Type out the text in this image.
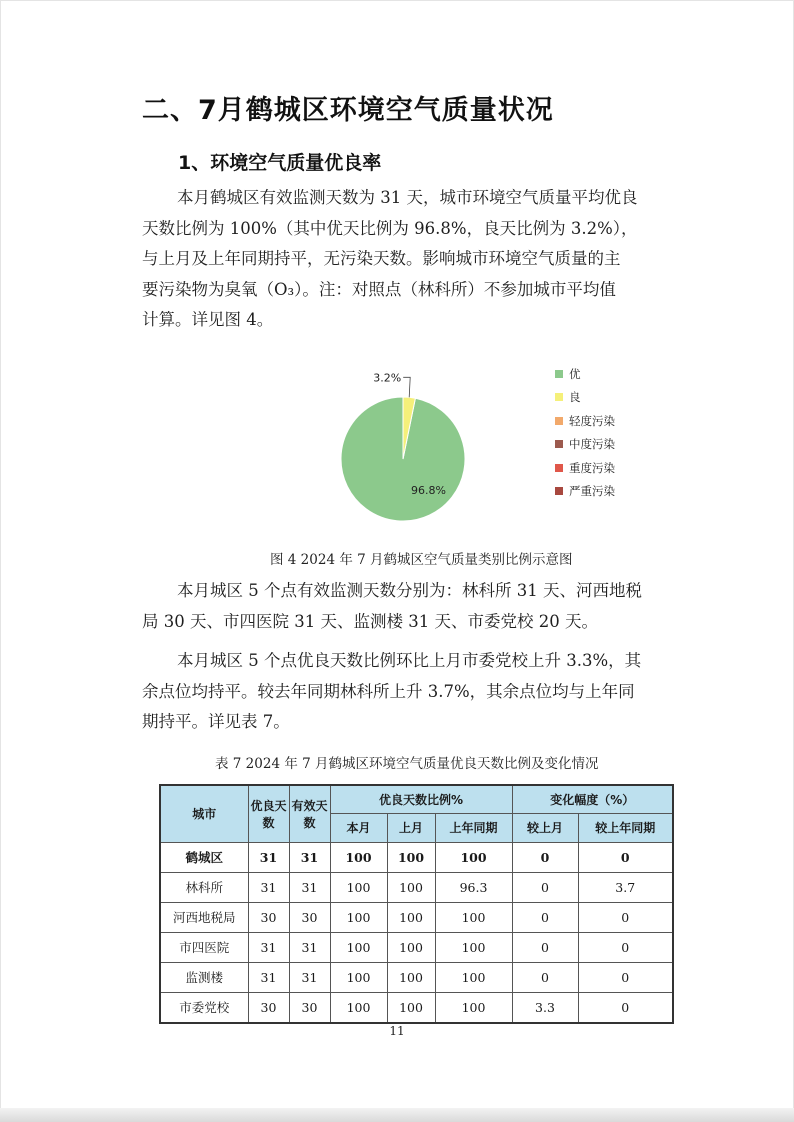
二、7月鹤城区环境空气质量状况
1、环境空气质量优良率

本月鹤城区有效监测天数为 31 天，城市环境空气质量平均优良
天数比例为 100%（其中优天比例为 96.8%，良天比例为 3.2%），
与上月及上年同期持平，无污染天数。影响城市环境空气质量的主
要污染物为臭氧（O₃）。注：对照点（林科所）不参加城市平均值
计算。详见图 4。

96.8%
3.2%	优
良
轻度污染
中度污染
重度污染
严重污染

图 4 2024 年 7 月鹤城区空气质量类别比例示意图

本月城区 5 个点有效监测天数分别为：林科所 31 天、河西地税
局 30 天、市四医院 31 天、监测楼 31 天、市委党校 20 天。

本月城区 5 个点优良天数比例环比上月市委党校上升 3.3%，其
余点位均持平。较去年同期林科所上升 3.7%，其余点位均与上年同
期持平。详见表 7。

表 7 2024 年 7 月鹤城区环境空气质量优良天数比例及变化情况

城市	优良天数	有效天数	优良天数比例%			变化幅度（%）	
			本月	上月	上年同期	较上月	较上年同期
鹤城区	31	31	100	100	100	0	0
林科所	31	31	100	100	96.3	0	3.7
河西地税局	30	30	100	100	100	0	0
市四医院	31	31	100	100	100	0	0
监测楼	31	31	100	100	100	0	0
市委党校	30	30	100	100	100	3.3	0
11
